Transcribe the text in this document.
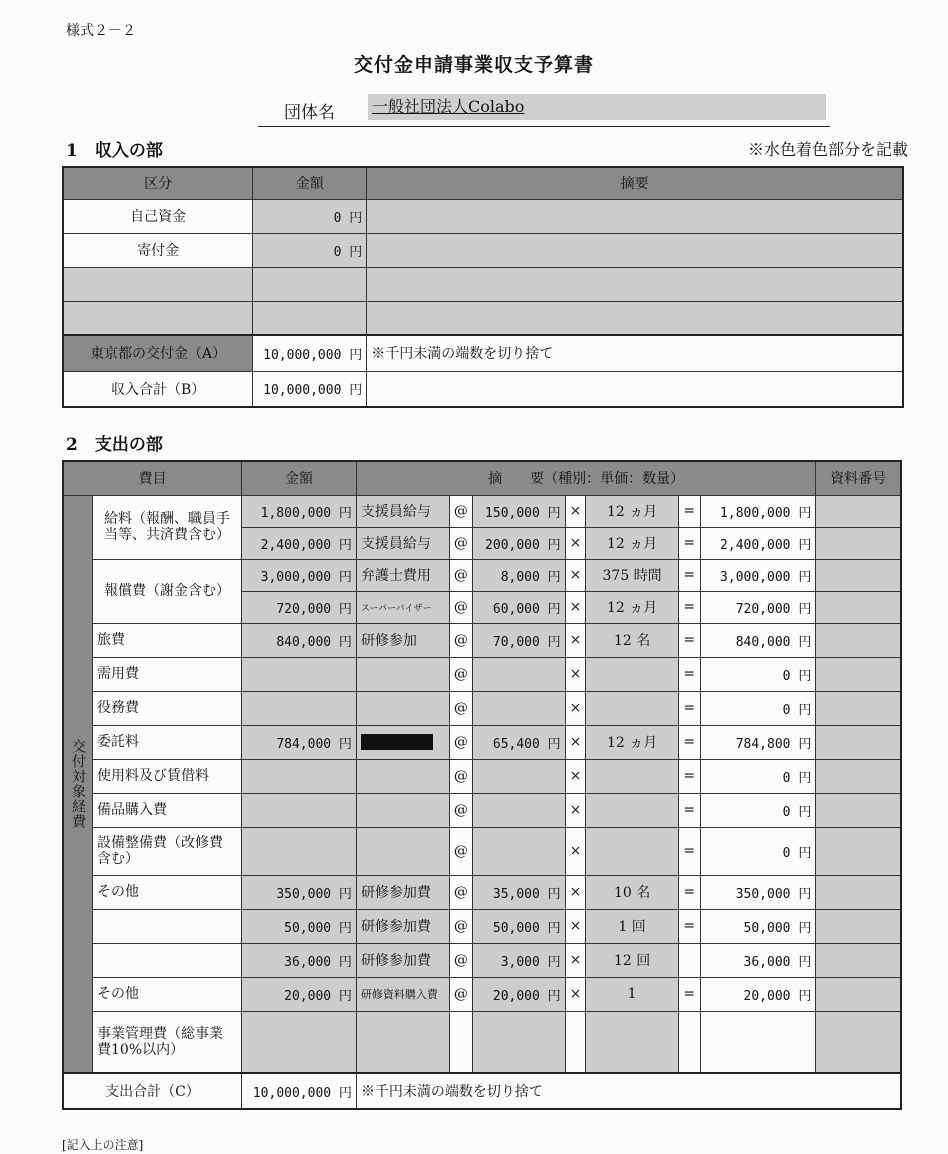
様式２－２
交付金申請事業収支予算書
団体名 一般社団法人Colabo
1　収入の部	※水色着色部分を記載
区分	金額	摘要
自己資金	0 円	
寄付金	0 円	

東京都の交付金（A）	10,000,000 円	※千円未満の端数を切り捨て
収入合計（B）	10,000,000 円	
2　支出の部
費目		金額	摘　　要（種別：単価：数量）							資料番号
交付対象経費	給料（報酬、職員手当等、共済費含む）	1,800,000 円	支援員給与	@	150,000 円	×	12 ヵ月	=	1,800,000 円	
		2,400,000 円	支援員給与	@	200,000 円	×	12 ヵ月	=	2,400,000 円	
	報償費（謝金含む）	3,000,000 円	弁護士費用	@	8,000 円	×	375 時間	=	3,000,000 円	
		720,000 円	スーパーバイザー	@	60,000 円	×	12 ヵ月	=	720,000 円	
	旅費	840,000 円	研修参加	@	70,000 円	×	12 名	=	840,000 円	
	需用費			@		×		=	0 円	
	役務費			@		×		=	0 円	
	委託料	784,000 円		@	65,400 円	×	12 ヵ月	=	784,800 円	
	使用料及び賃借料			@		×		=	0 円	
	備品購入費			@		×		=	0 円	
	設備整備費（改修費含む）			@		×		=	0 円	
	その他	350,000 円	研修参加費	@	35,000 円	×	10 名	=	350,000 円	
		50,000 円	研修参加費	@	50,000 円	×	1 回	=	50,000 円	
		36,000 円	研修参加費	@	3,000 円	×	12 回		36,000 円	
	その他	20,000 円	研修資料購入費	@	20,000 円	×	1	=	20,000 円	
	事業管理費（総事業費10%以内）									
支出合計（C）		10,000,000 円	※千円未満の端数を切り捨て							
[記入上の注意]
